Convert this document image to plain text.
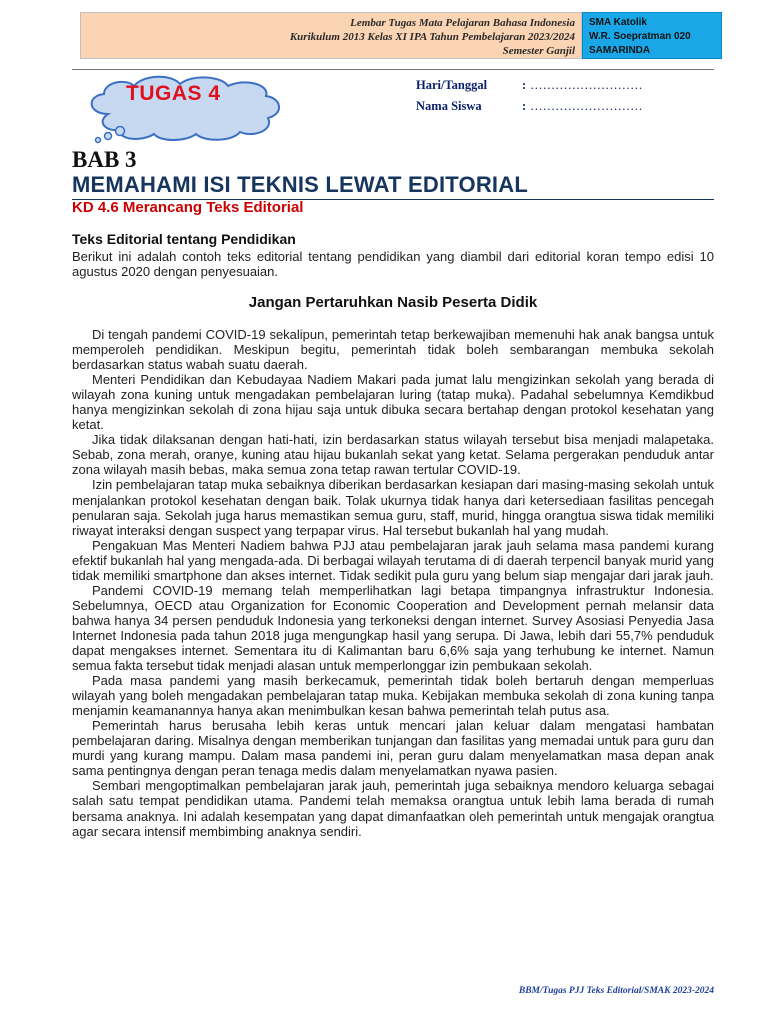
Lembar Tugas Mata Pelajaran Bahasa Indonesia
Kurikulum 2013 Kelas XI IPA Tahun Pembelajaran 2023/2024
Semester Ganjil
SMA Katolik
W.R. Soepratman 020
SAMARINDA
TUGAS 4	Hari/Tanggal	: ………………………
Nama Siswa	: ………………………
BAB 3
MEMAHAMI ISI TEKNIS LEWAT EDITORIAL
KD 4.6 Merancang Teks Editorial
Teks Editorial tentang Pendidikan
Berikut ini adalah contoh teks editorial tentang pendidikan yang diambil dari editorial koran tempo edisi 10 agustus 2020 dengan penyesuaian.
Jangan Pertaruhkan Nasib Peserta Didik

Di tengah pandemi COVID-19 sekalipun, pemerintah tetap berkewajiban memenuhi hak anak bangsa untuk memperoleh pendidikan. Meskipun begitu, pemerintah tidak boleh sembarangan membuka sekolah berdasarkan status wabah suatu daerah.

Menteri Pendidikan dan Kebudayaa Nadiem Makari pada jumat lalu mengizinkan sekolah yang berada di wilayah zona kuning untuk mengadakan pembelajaran luring (tatap muka). Padahal sebelumnya Kemdikbud hanya mengizinkan sekolah di zona hijau saja untuk dibuka secara bertahap dengan protokol kesehatan yang ketat.

Jika tidak dilaksanan dengan hati-hati, izin berdasarkan status wilayah tersebut bisa menjadi malapetaka. Sebab, zona merah, oranye, kuning atau hijau bukanlah sekat yang ketat. Selama pergerakan penduduk antar zona wilayah masih bebas, maka semua zona tetap rawan tertular COVID-19.

Izin pembelajaran tatap muka sebaiknya diberikan berdasarkan kesiapan dari masing-masing sekolah untuk menjalankan protokol kesehatan dengan baik. Tolak ukurnya tidak hanya dari ketersediaan fasilitas pencegah penularan saja. Sekolah juga harus memastikan semua guru, staff, murid, hingga orangtua siswa tidak memiliki riwayat interaksi dengan suspect yang terpapar virus. Hal tersebut bukanlah hal yang mudah.

Pengakuan Mas Menteri Nadiem bahwa PJJ atau pembelajaran jarak jauh selama masa pandemi kurang efektif bukanlah hal yang mengada-ada. Di berbagai wilayah terutama di di daerah terpencil banyak murid yang tidak memiliki smartphone dan akses internet. Tidak sedikit pula guru yang belum siap mengajar dari jarak jauh.

Pandemi COVID-19 memang telah memperlihatkan lagi betapa timpangnya infrastruktur Indonesia. Sebelumnya, OECD atau Organization for Economic Cooperation and Development pernah melansir data bahwa hanya 34 persen penduduk Indonesia yang terkoneksi dengan internet. Survey Asosiasi Penyedia Jasa Internet Indonesia pada tahun 2018 juga mengungkap hasil yang serupa. Di Jawa, lebih dari 55,7% penduduk dapat mengakses internet. Sementara itu di Kalimantan baru 6,6% saja yang terhubung ke internet. Namun semua fakta tersebut tidak menjadi alasan untuk memperlonggar izin pembukaan sekolah.

Pada masa pandemi yang masih berkecamuk, pemerintah tidak boleh bertaruh dengan memperluas wilayah yang boleh mengadakan pembelajaran tatap muka. Kebijakan membuka sekolah di zona kuning tanpa menjamin keamanannya hanya akan menimbulkan kesan bahwa pemerintah telah putus asa.

Pemerintah harus berusaha lebih keras untuk mencari jalan keluar dalam mengatasi hambatan pembelajaran daring. Misalnya dengan memberikan tunjangan dan fasilitas yang memadai untuk para guru dan murdi yang kurang mampu. Dalam masa pandemi ini, peran guru dalam menyelamatkan masa depan anak sama pentingnya dengan peran tenaga medis dalam menyelamatkan nyawa pasien.

Sembari mengoptimalkan pembelajaran jarak jauh, pemerintah juga sebaiknya mendoro keluarga sebagai salah satu tempat pendidikan utama. Pandemi telah memaksa orangtua untuk lebih lama berada di rumah bersama anaknya. Ini adalah kesempatan yang dapat dimanfaatkan oleh pemerintah untuk mengajak orangtua agar secara intensif membimbing anaknya sendiri.

BBM/Tugas PJJ Teks Editorial/SMAK 2023-2024
